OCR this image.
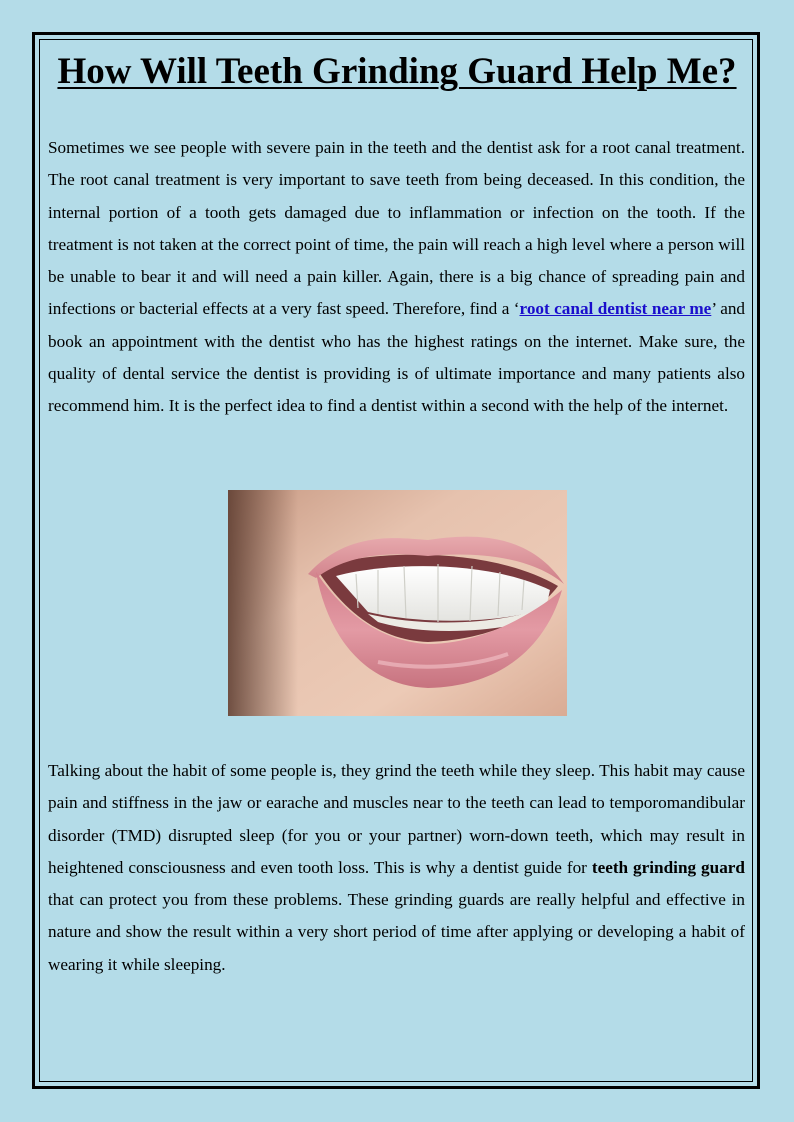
How Will Teeth Grinding Guard Help Me?

Sometimes we see people with severe pain in the teeth and the dentist ask for a root canal treatment. The root canal treatment is very important to save teeth from being deceased. In this condition, the internal portion of a tooth gets damaged due to inflammation or infection on the tooth. If the treatment is not taken at the correct point of time, the pain will reach a high level where a person will be unable to bear it and will need a pain killer. Again, there is a big chance of spreading pain and infections or bacterial effects at a very fast speed. Therefore, find a ‘root canal dentist near me’ and book an appointment with the dentist who has the highest ratings on the internet. Make sure, the quality of dental service the dentist is providing is of ultimate importance and many patients also recommend him. It is the perfect idea to find a dentist within a second with the help of the internet.

Talking about the habit of some people is, they grind the teeth while they sleep. This habit may cause pain and stiffness in the jaw or earache and muscles near to the teeth can lead to temporomandibular disorder (TMD) disrupted sleep (for you or your partner) worn-down teeth, which may result in heightened consciousness and even tooth loss. This is why a dentist guide for teeth grinding guard that can protect you from these problems. These grinding guards are really helpful and effective in nature and show the result within a very short period of time after applying or developing a habit of wearing it while sleeping.
